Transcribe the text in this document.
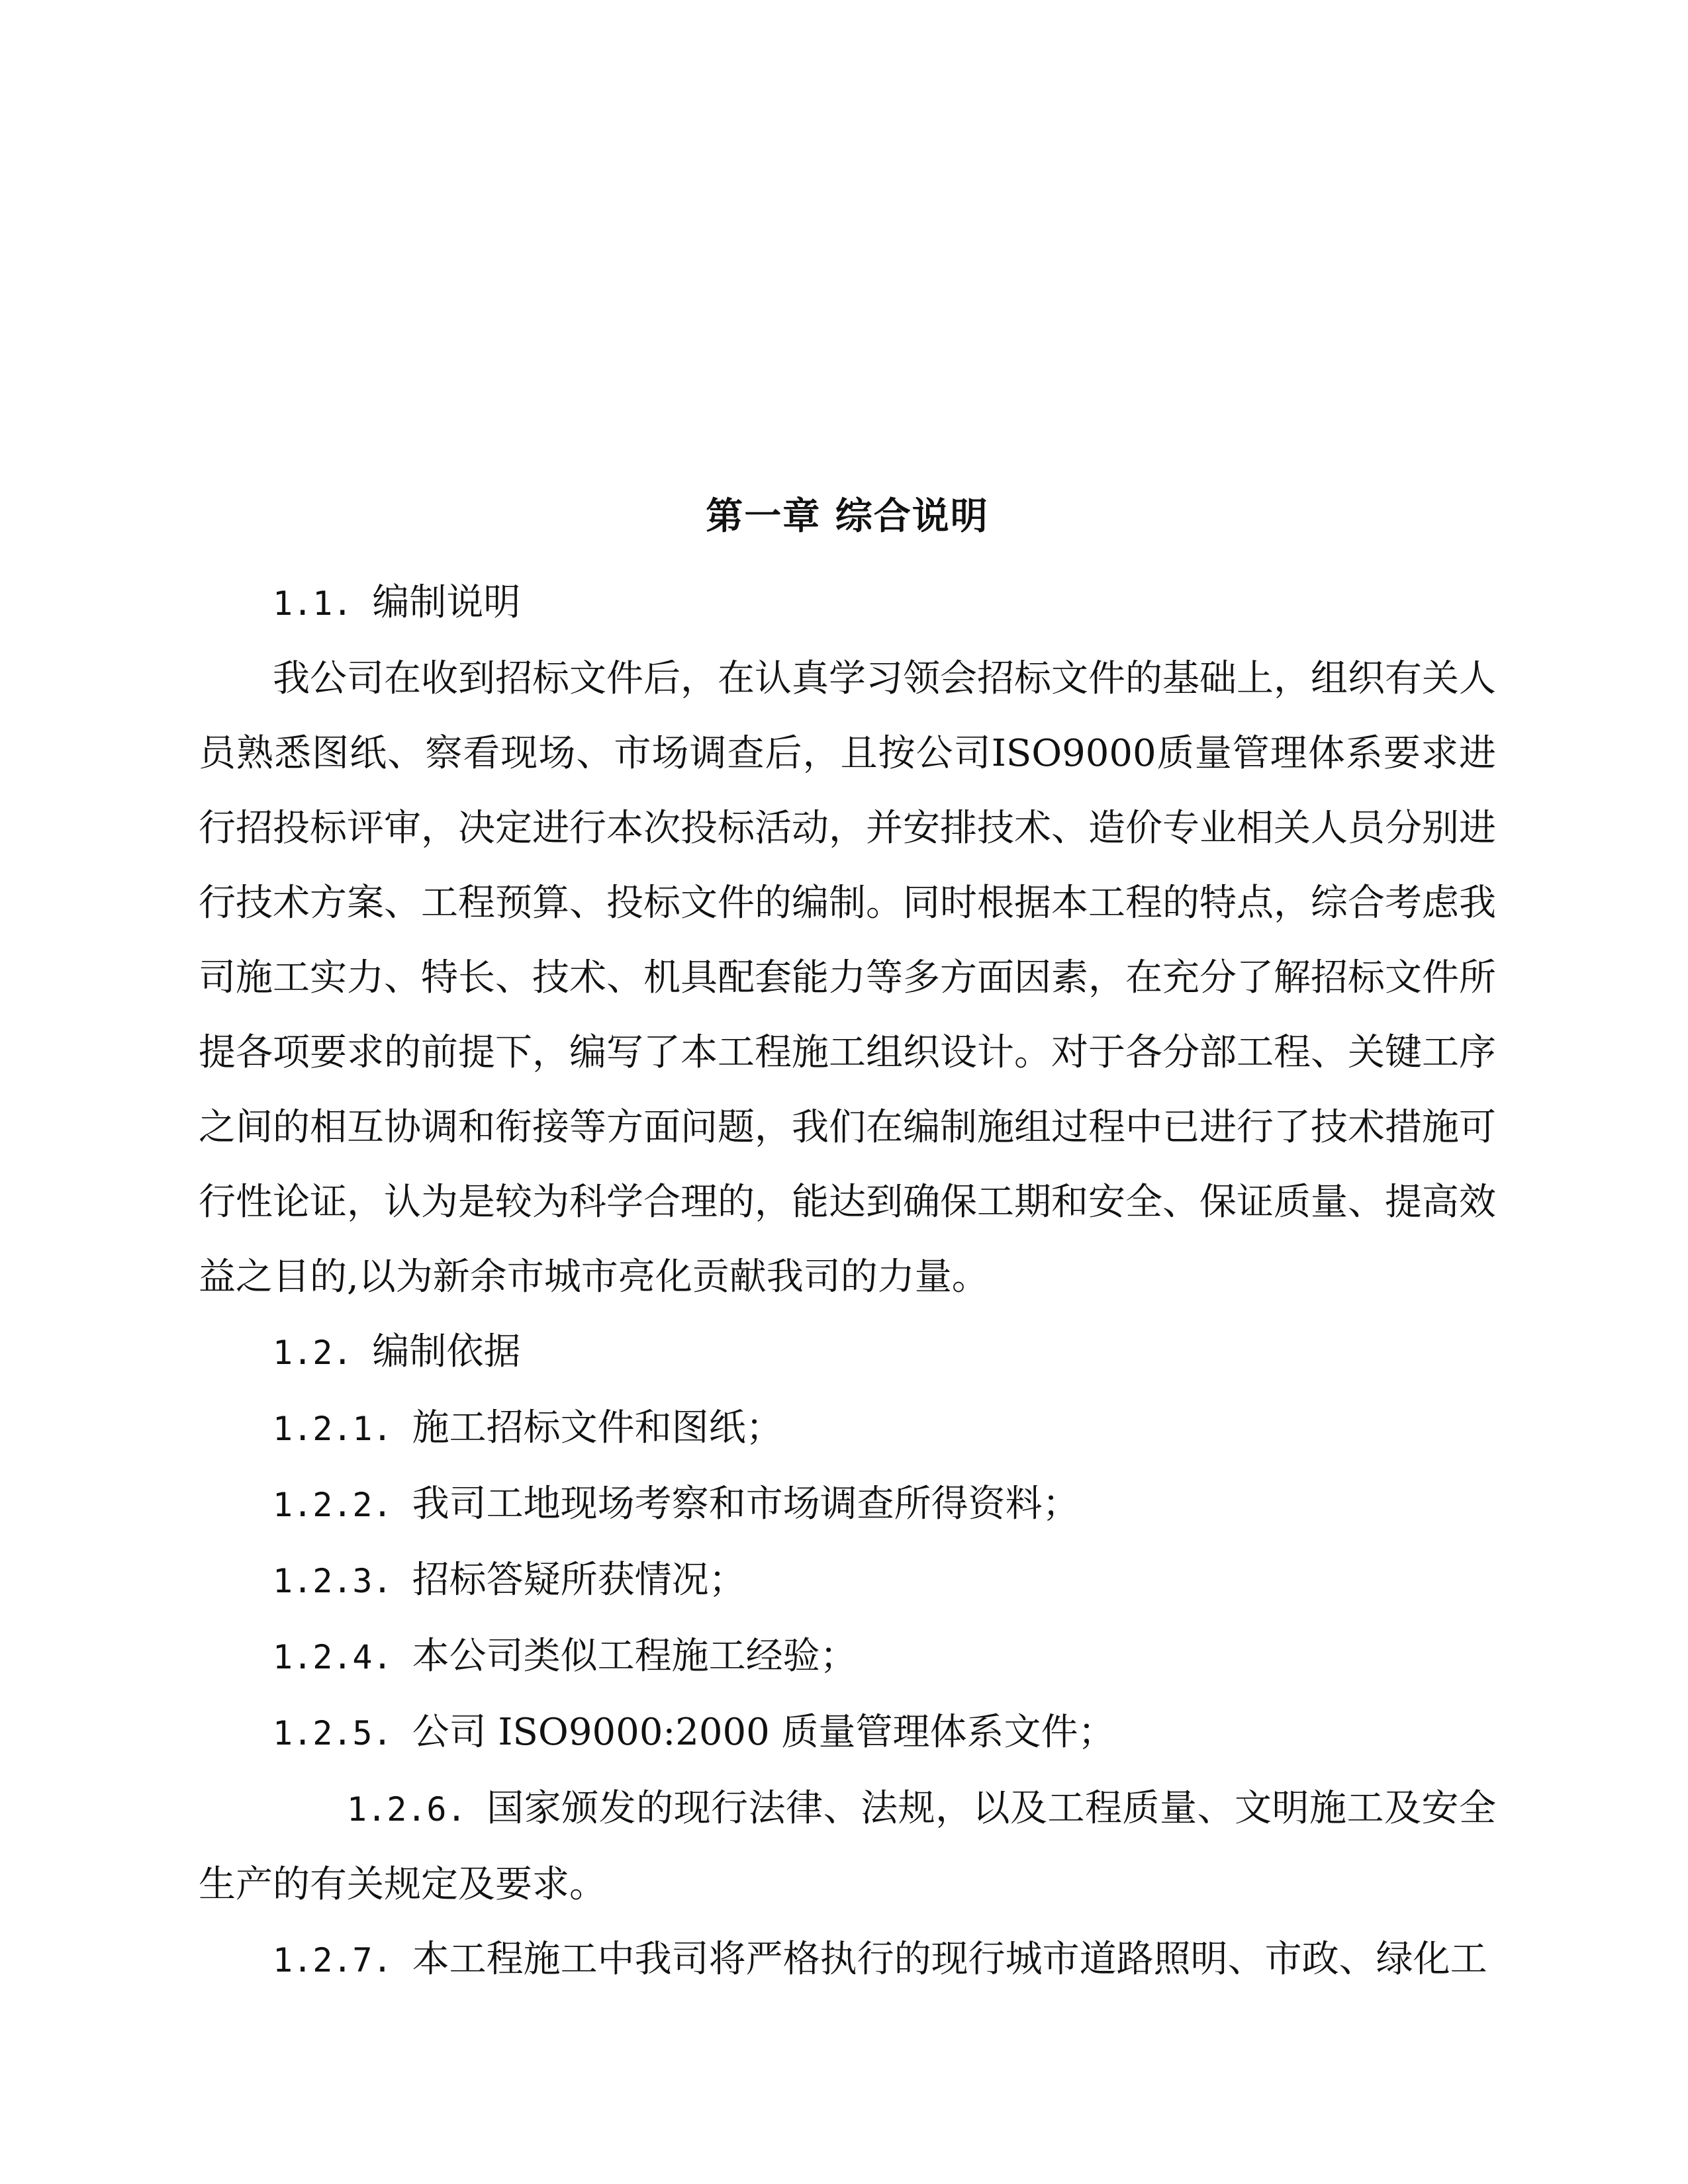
第一章 综合说明

1.1. 编制说明

我公司在收到招标文件后，在认真学习领会招标文件的基础上，组织有关人员熟悉图纸、察看现场、市场调查后，且按公司ISO9000质量管理体系要求进行招投标评审，决定进行本次投标活动，并安排技术、造价专业相关人员分别进行技术方案、工程预算、投标文件的编制。同时根据本工程的特点，综合考虑我司施工实力、特长、技术、机具配套能力等多方面因素，在充分了解招标文件所提各项要求的前提下，编写了本工程施工组织设计。对于各分部工程、关键工序之间的相互协调和衔接等方面问题，我们在编制施组过程中已进行了技术措施可行性论证，认为是较为科学合理的，能达到确保工期和安全、保证质量、提高效益之目的,以为新余市城市亮化贡献我司的力量。

1.2. 编制依据

1.2.1. 施工招标文件和图纸；

1.2.2. 我司工地现场考察和市场调查所得资料；

1.2.3. 招标答疑所获情况；

1.2.4. 本公司类似工程施工经验；

1.2.5. 公司 ISO9000:2000 质量管理体系文件；

1.2.6. 国家颁发的现行法律、法规，以及工程质量、文明施工及安全生产的有关规定及要求。

1.2.7. 本工程施工中我司将严格执行的现行城市道路照明、市政、绿化工
